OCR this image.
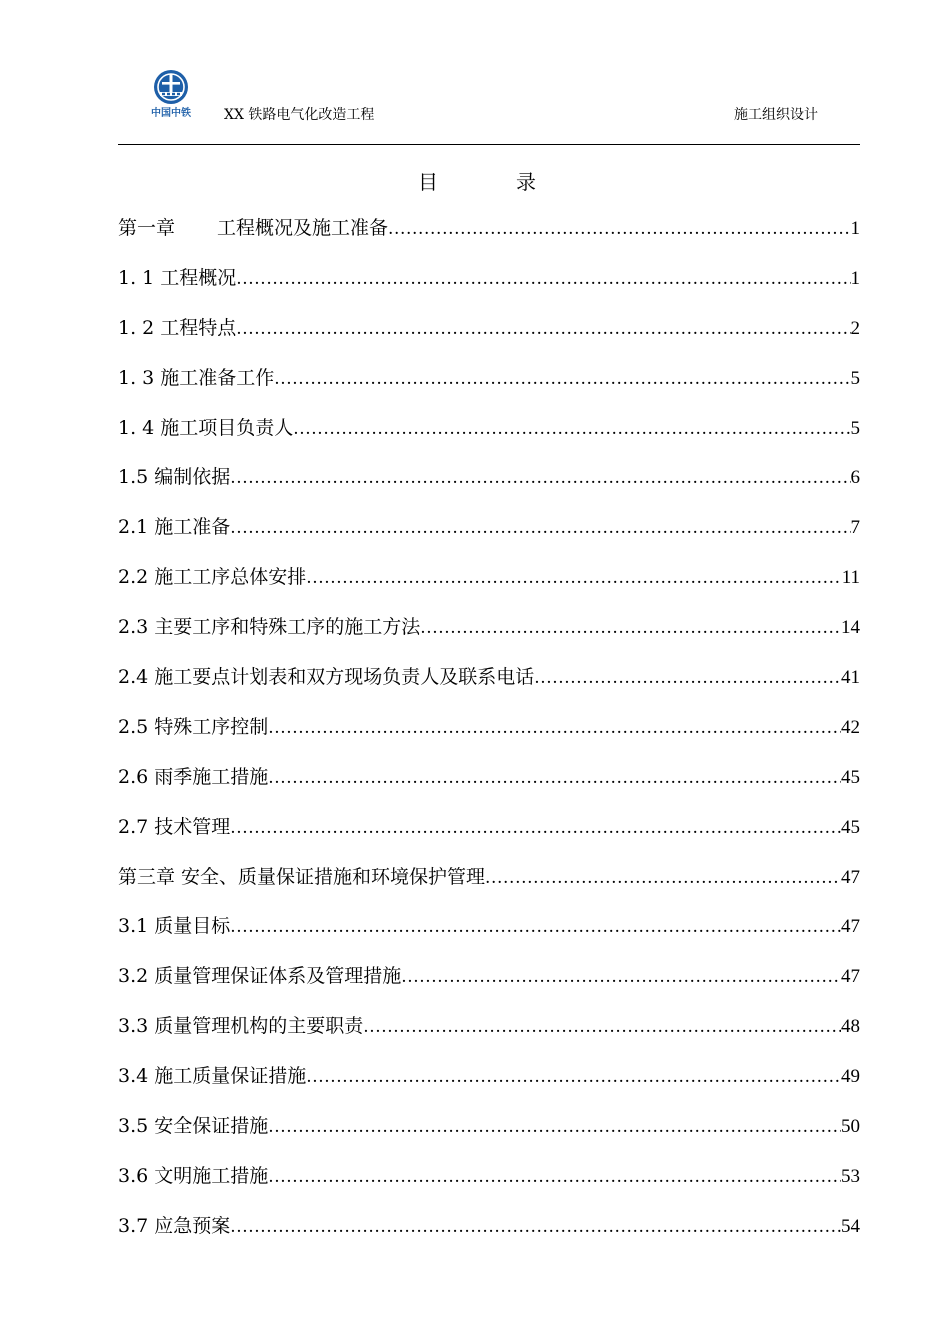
中国中铁	XX 铁路电气化改造工程	施工组织设计
目	录
第一章 工程概况及施工准备 .....	1
1. 1 工程概况 .....	1
1. 2 工程特点 .....	2
1. 3 施工准备工作 .....	5
1. 4 施工项目负责人 .....	5
1.5 编制依据 .....	6
2.1 施工准备 .....	7
2.2 施工工序总体安排 .....	11
2.3 主要工序和特殊工序的施工方法 .....	14
2.4 施工要点计划表和双方现场负责人及联系电话 .....	41
2.5 特殊工序控制 .....	42
2.6 雨季施工措施 .....	45
2.7 技术管理 .....	45
第三章 安全、质量保证措施和环境保护管理 .....	47
3.1 质量目标 .....	47
3.2 质量管理保证体系及管理措施 .....	47
3.3 质量管理机构的主要职责 .....	48
3.4 施工质量保证措施 .....	49
3.5 安全保证措施 .....	50
3.6 文明施工措施 .....	53
3.7 应急预案 .....	54
